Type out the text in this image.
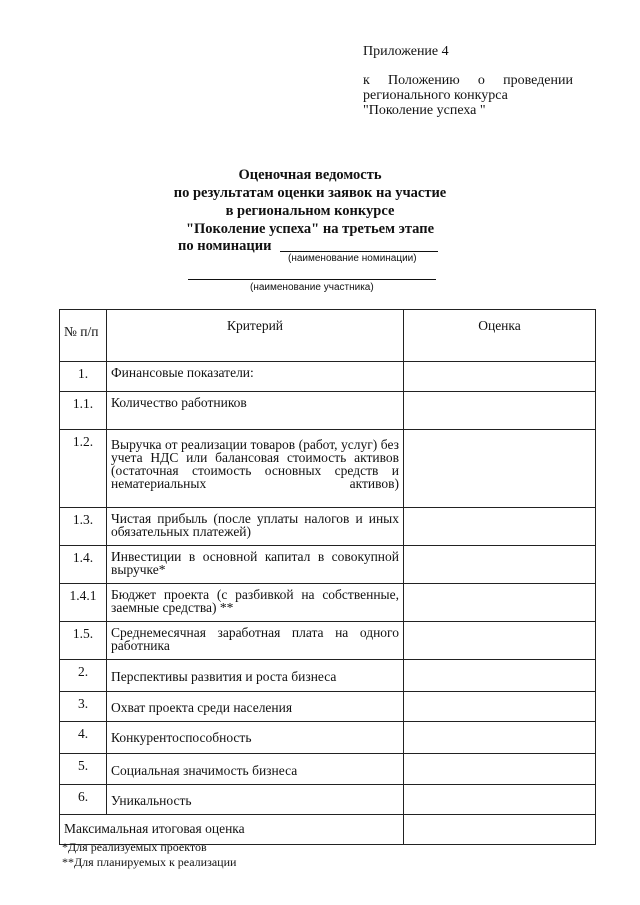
Приложение 4
к Положению о проведении
регионального конкурса
"Поколение успеха "
Оценочная ведомость
по результатам оценки заявок на участие
в региональном конкурсе
"Поколение успеха" на третьем этапе
по номинации
(наименование номинации)
(наименование участника)
№ п/п	Критерий	Оценка
1.	Финансовые показатели:	
1.1.	Количество работников	
1.2.	Выручка от реализации товаров (работ, услуг) без учета НДС или балансовая стоимость активов (остаточная стоимость основных средств и нематериальных активов)	
1.3.	Чистая прибыль (после уплаты налогов и иных обязательных платежей)	
1.4.	Инвестиции в основной капитал в совокупной выручке*	
1.4.1	Бюджет проекта (с разбивкой на собственные, заемные средства) **	
1.5.	Среднемесячная заработная плата на одного работника	
2.	Перспективы развития и роста бизнеса	
3.	Охват проекта среди населения	
4.	Конкурентоспособность	
5.	Социальная значимость бизнеса	
6.	Уникальность	
Максимальная итоговая оценка		
*Для реализуемых проектов
**Для планируемых к реализации
